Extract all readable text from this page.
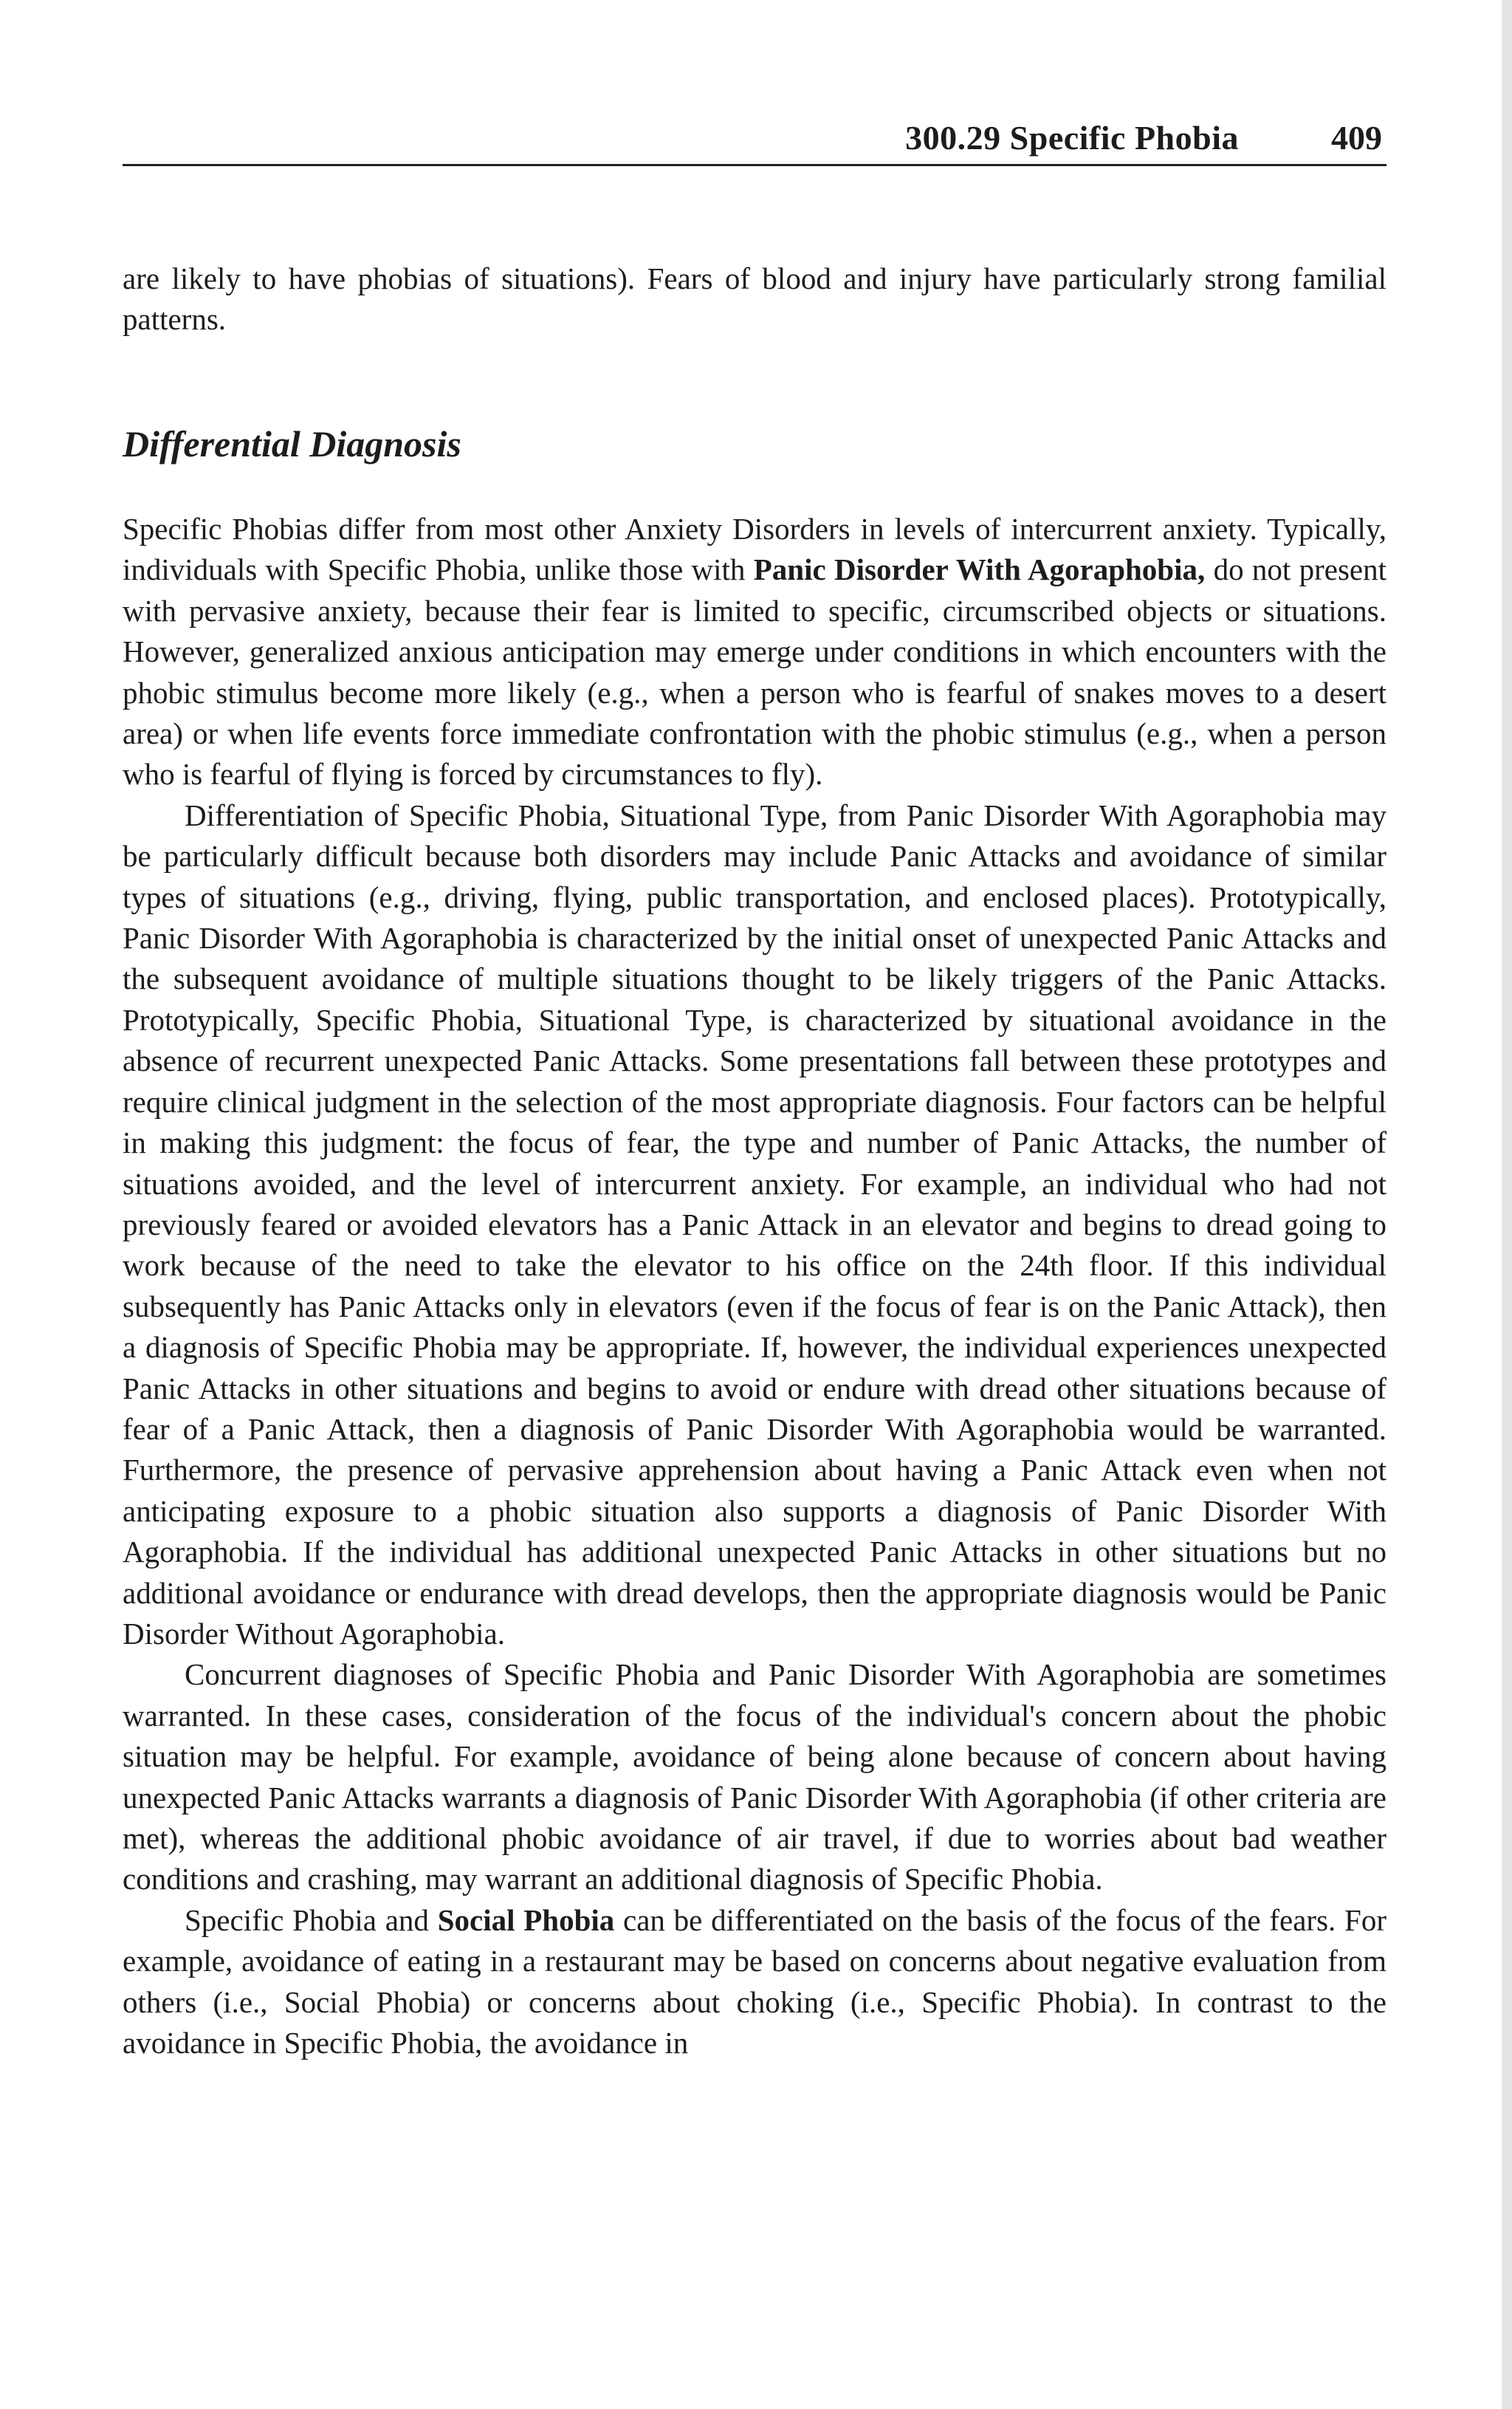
300.29 Specific Phobia	409

are likely to have phobias of situations). Fears of blood and injury have particularly strong familial patterns.

Differential Diagnosis

Specific Phobias differ from most other Anxiety Disorders in levels of intercurrent anxiety. Typically, individuals with Specific Phobia, unlike those with Panic Disorder With Agoraphobia, do not present with pervasive anxiety, because their fear is limited to specific, circumscribed objects or situations. However, generalized anxious anticipation may emerge under conditions in which encounters with the phobic stimulus become more likely (e.g., when a person who is fearful of snakes moves to a desert area) or when life events force immediate confrontation with the phobic stimulus (e.g., when a person who is fearful of flying is forced by circumstances to fly).

Differentiation of Specific Phobia, Situational Type, from Panic Disorder With Agoraphobia may be particularly difficult because both disorders may include Panic Attacks and avoidance of similar types of situations (e.g., driving, flying, public transportation, and enclosed places). Prototypically, Panic Disorder With Agoraphobia is characterized by the initial onset of unexpected Panic Attacks and the subsequent avoidance of multiple situations thought to be likely triggers of the Panic Attacks. Prototypically, Specific Phobia, Situational Type, is characterized by situational avoidance in the absence of recurrent unexpected Panic Attacks. Some presentations fall between these prototypes and require clinical judgment in the selection of the most appropriate diagnosis. Four factors can be helpful in making this judgment: the focus of fear, the type and number of Panic Attacks, the number of situations avoided, and the level of intercurrent anxiety. For example, an individual who had not previously feared or avoided elevators has a Panic Attack in an elevator and begins to dread going to work because of the need to take the elevator to his office on the 24th floor. If this individual subsequently has Panic Attacks only in elevators (even if the focus of fear is on the Panic Attack), then a diagnosis of Specific Phobia may be appropriate. If, however, the individual experiences unexpected Panic Attacks in other situations and begins to avoid or endure with dread other situations because of fear of a Panic Attack, then a diagnosis of Panic Disorder With Agoraphobia would be warranted. Furthermore, the presence of pervasive apprehension about having a Panic Attack even when not anticipating exposure to a phobic situation also supports a diagnosis of Panic Disorder With Agoraphobia. If the individual has additional unexpected Panic Attacks in other situations but no additional avoidance or endurance with dread develops, then the appropriate diagnosis would be Panic Disorder Without Agoraphobia.

Concurrent diagnoses of Specific Phobia and Panic Disorder With Agoraphobia are sometimes warranted. In these cases, consideration of the focus of the individual's concern about the phobic situation may be helpful. For example, avoidance of being alone because of concern about having unexpected Panic Attacks warrants a diagnosis of Panic Disorder With Agoraphobia (if other criteria are met), whereas the additional phobic avoidance of air travel, if due to worries about bad weather conditions and crashing, may warrant an additional diagnosis of Specific Phobia.

Specific Phobia and Social Phobia can be differentiated on the basis of the focus of the fears. For example, avoidance of eating in a restaurant may be based on concerns about negative evaluation from others (i.e., Social Phobia) or concerns about choking (i.e., Specific Phobia). In contrast to the avoidance in Specific Phobia, the avoidance in
